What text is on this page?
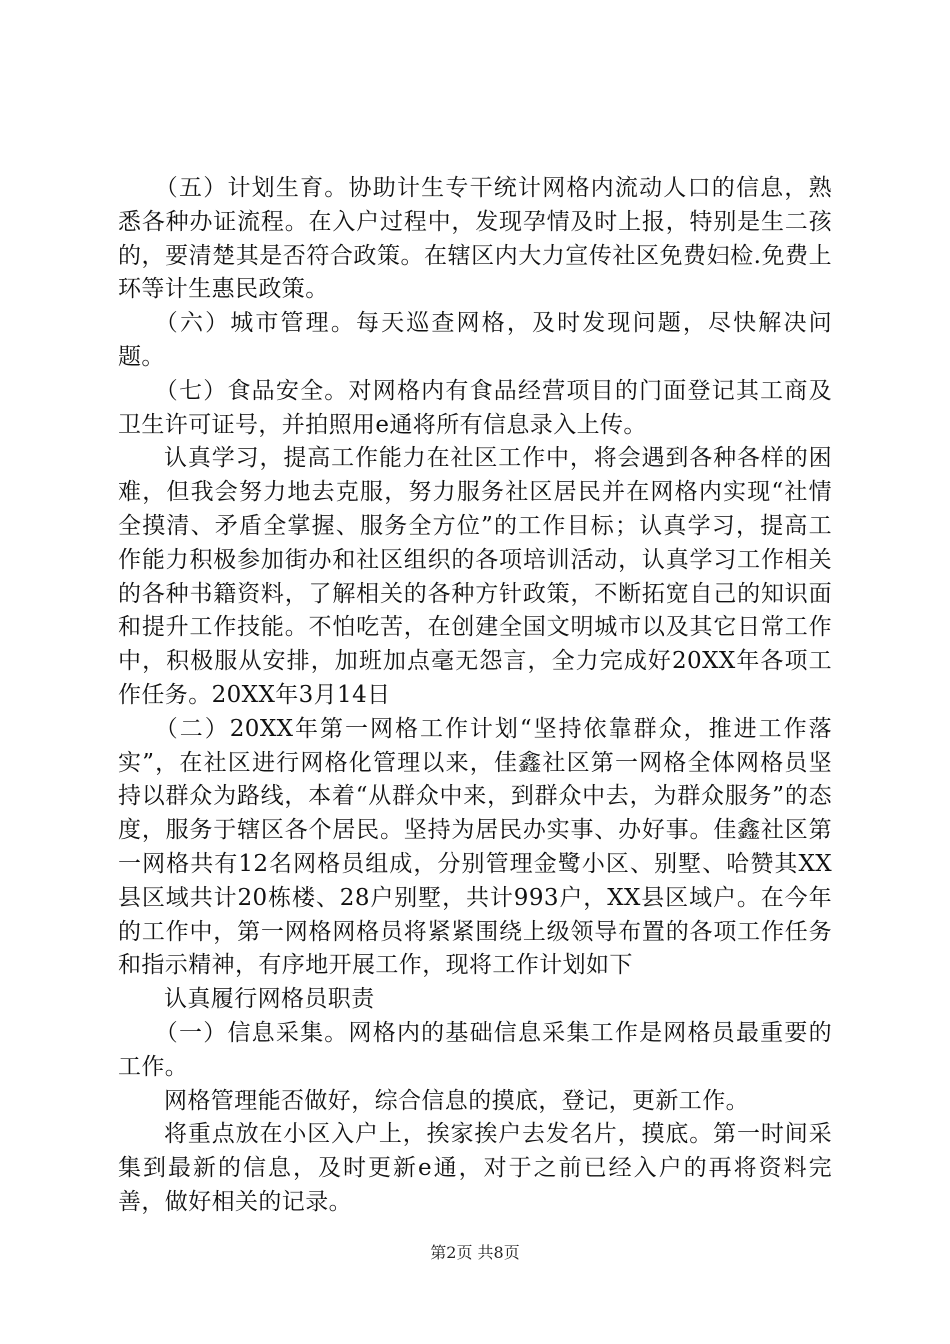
（五）计划生育。协助计生专干统计网格内流动人口的信息，熟悉各种办证流程。在入户过程中，发现孕情及时上报，特别是生二孩的，要清楚其是否符合政策。在辖区内大力宣传社区免费妇检.免费上环等计生惠民政策。

（六）城市管理。每天巡查网格，及时发现问题，尽快解决问题。

（七）食品安全。对网格内有食品经营项目的门面登记其工商及卫生许可证号，并拍照用e通将所有信息录入上传。

认真学习，提高工作能力在社区工作中，将会遇到各种各样的困难，但我会努力地去克服，努力服务社区居民并在网格内实现“社情全摸清、矛盾全掌握、服务全方位”的工作目标；认真学习，提高工作能力积极参加街办和社区组织的各项培训活动，认真学习工作相关的各种书籍资料，了解相关的各种方针政策，不断拓宽自己的知识面和提升工作技能。不怕吃苦，在创建全国文明城市以及其它日常工作中，积极服从安排，加班加点毫无怨言，全力完成好20XX年各项工作任务。20XX年3月14日

（二）20XX年第一网格工作计划“坚持依靠群众，推进工作落实”，在社区进行网格化管理以来，佳鑫社区第一网格全体网格员坚持以群众为路线，本着“从群众中来，到群众中去，为群众服务”的态度，服务于辖区各个居民。坚持为居民办实事、办好事。佳鑫社区第一网格共有12名网格员组成，分别管理金鹭小区、别墅、哈赞其XX县区域共计20栋楼、28户别墅，共计993户，XX县区域户。在今年的工作中，第一网格网格员将紧紧围绕上级领导布置的各项工作任务和指示精神，有序地开展工作，现将工作计划如下

认真履行网格员职责

（一）信息采集。网格内的基础信息采集工作是网格员最重要的工作。

网格管理能否做好，综合信息的摸底，登记，更新工作。

将重点放在小区入户上，挨家挨户去发名片，摸底。第一时间采集到最新的信息，及时更新e通，对于之前已经入户的再将资料完善，做好相关的记录。

第2页 共8页
